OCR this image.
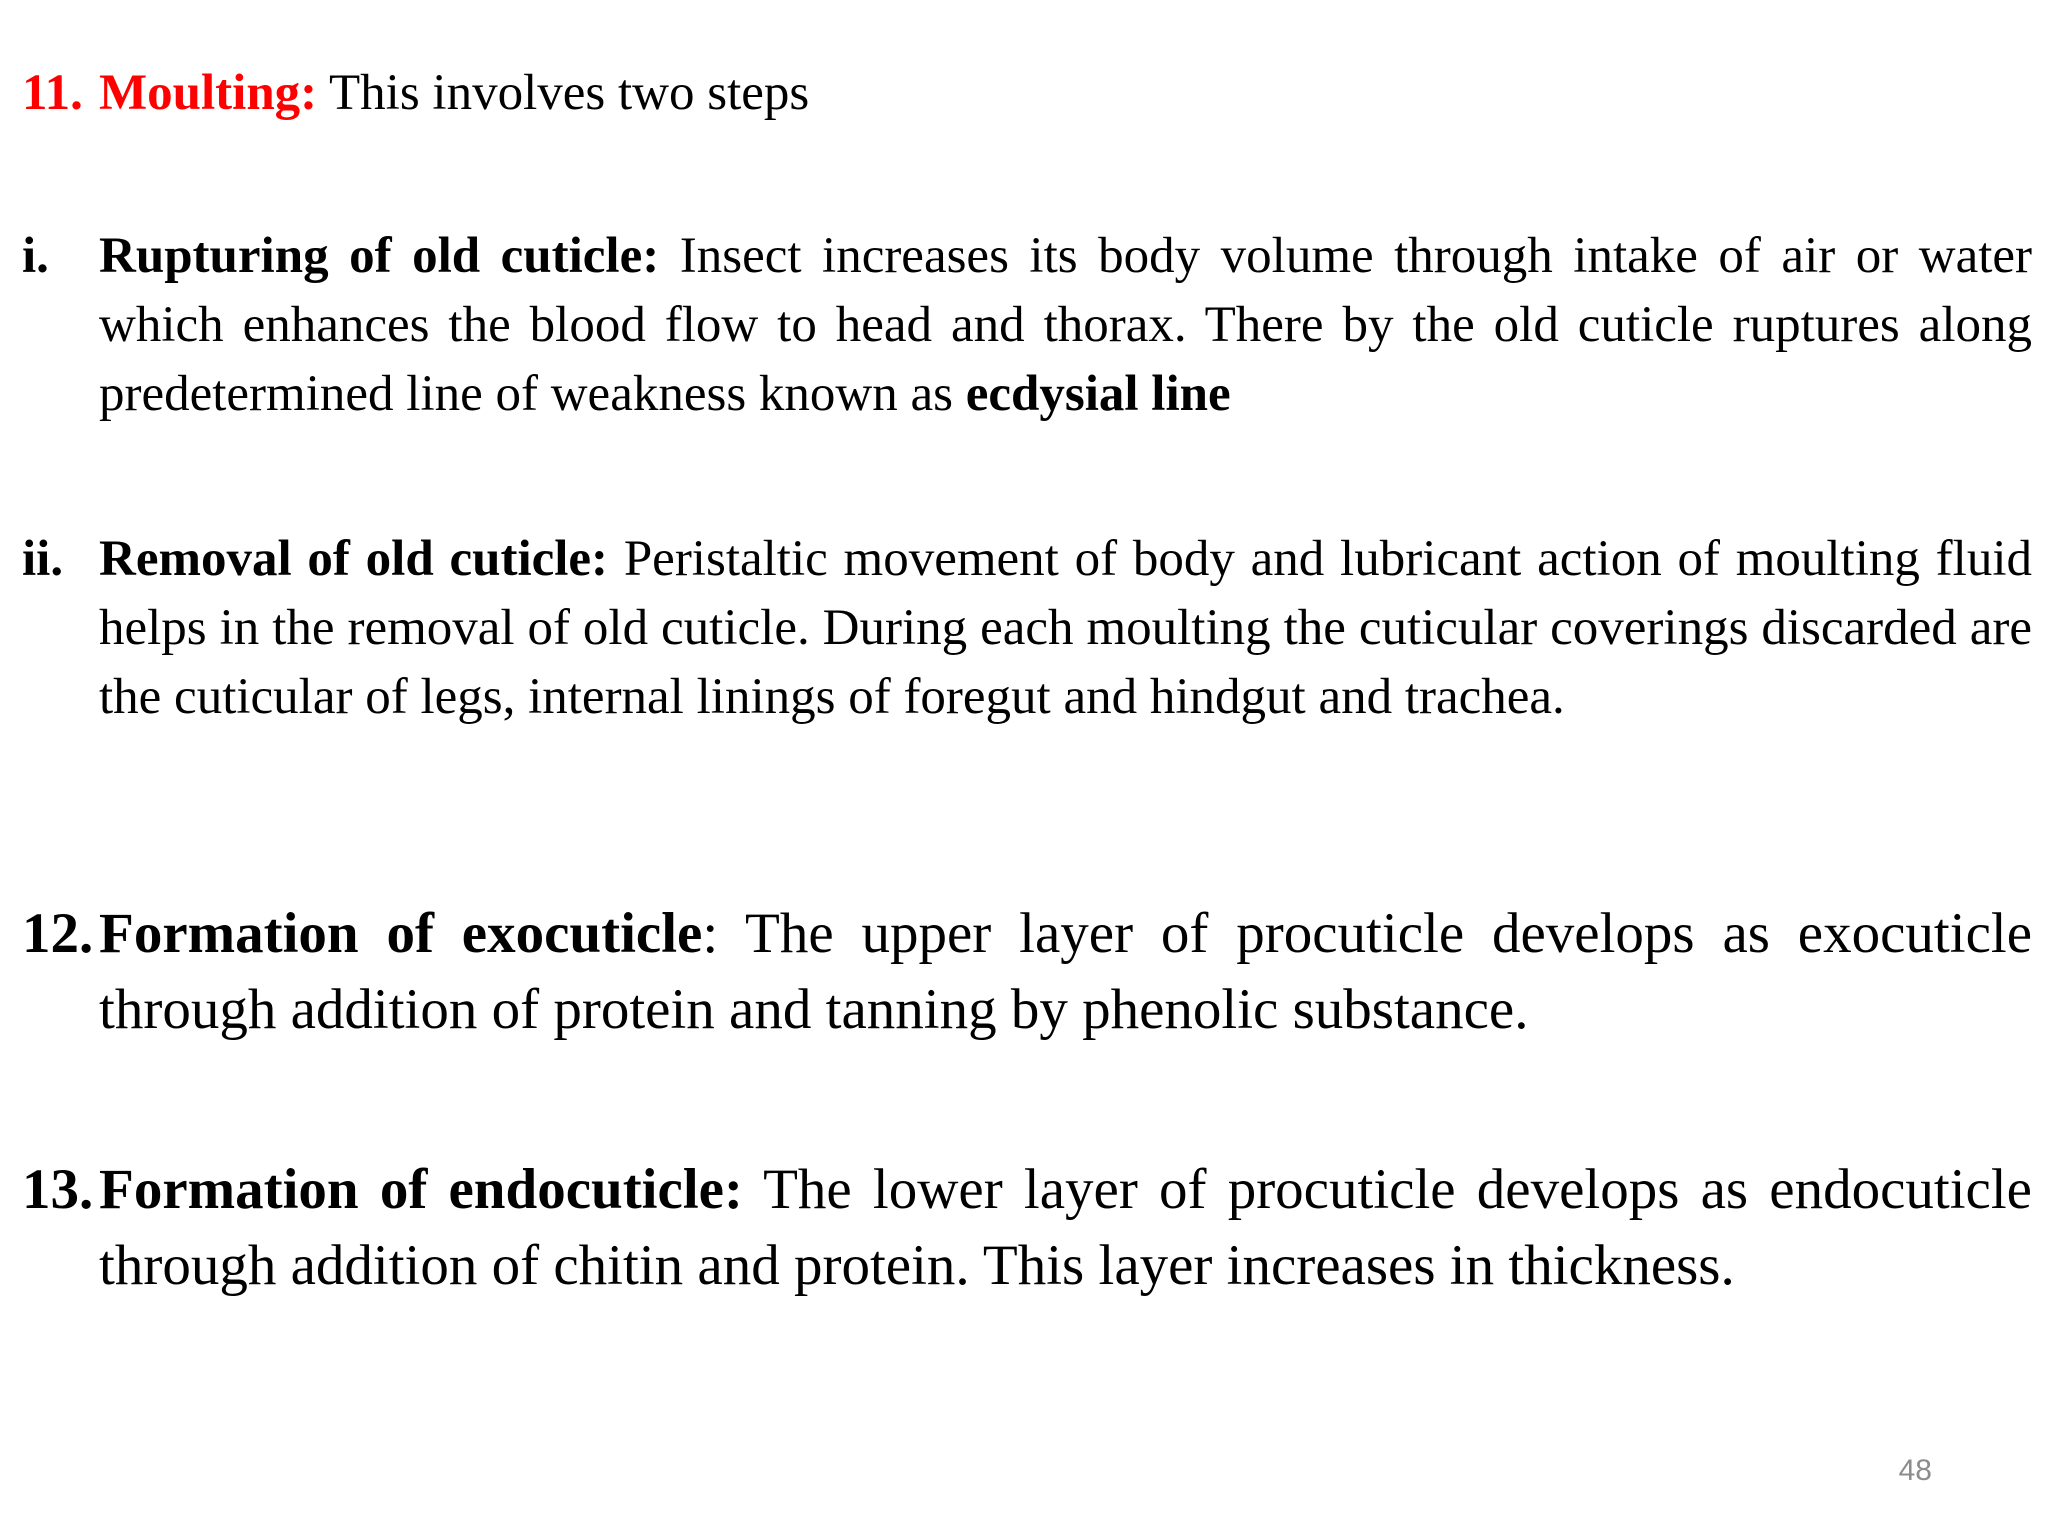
11. Moulting: This involves two steps
i. Rupturing of old cuticle: Insect increases its body volume through intake of air or water which enhances the blood flow to head and thorax. There by the old cuticle ruptures along predetermined line of weakness known as ecdysial line
ii. Removal of old cuticle: Peristaltic movement of body and lubricant action of moulting fluid helps in the removal of old cuticle. During each moulting the cuticular coverings discarded are the cuticular of legs, internal linings of foregut and hindgut and trachea.
12. Formation of exocuticle: The upper layer of procuticle develops as exocuticle through addition of protein and tanning by phenolic substance.
13. Formation of endocuticle: The lower layer of procuticle develops as endocuticle through addition of chitin and protein. This layer increases in thickness.
48
